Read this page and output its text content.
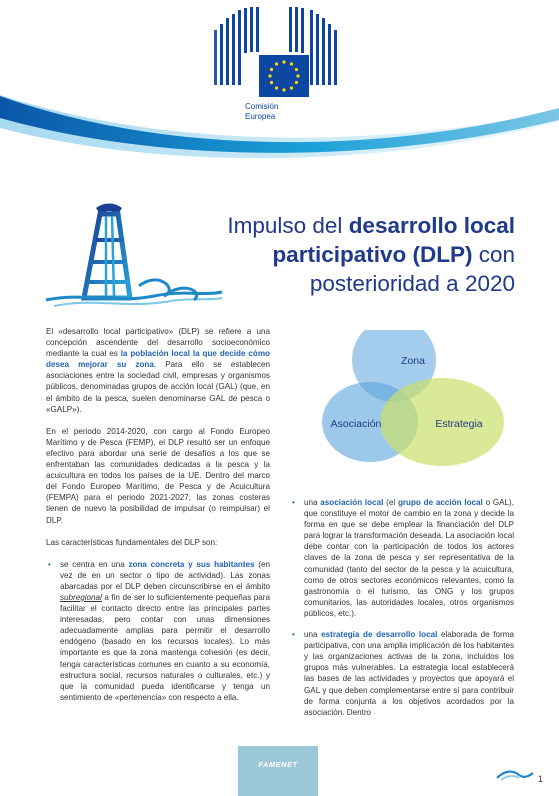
Comisión
Europea
Impulso del desarrollo local
participativo (DLP) con
posterioridad a 2020

El «desarrollo local participativo» (DLP) se refiere a una concepción ascendente del desarrollo socioeconómico mediante la cual es la población local la que decide cómo desea mejorar su zona. Para ello se establecen asociaciones entre la sociedad civil, empresas y organismos públicos, denominadas grupos de acción local (GAL) (que, en el ámbito de la pesca, suelen denominarse GAL de pesca o «GALP»).

En el periodo 2014-2020, con cargo al Fondo Europeo Marítimo y de Pesca (FEMP), el DLP resultó ser un enfoque efectivo para abordar una serie de desafíos a los que se enfrentaban las comunidades dedicadas a la pesca y la acuicultura en todos los países de la UE. Dentro del marco del Fondo Europeo Marítimo, de Pesca y de Acuicultura (FEMPA) para el periodo 2021-2027, las zonas costeras tienen de nuevo la posibilidad de impulsar (o reimpulsar) el DLP.

Las características fundamentales del DLP son:

• se centra en una zona concreta y sus habitantes (en vez de en un sector o tipo de actividad). Las zonas abarcadas por el DLP deben circunscribirse en el ámbito subregional a fin de ser lo suficientemente pequeñas para facilitar el contacto directo entre las principales partes interesadas, pero contar con unas dimensiones adecuadamente amplias para permitir el desarrollo endógeno (basado en los recursos locales). Lo más importante es que la zona mantenga cohesión (es decir, tenga características comunes en cuanto a su economía, estructura social, recursos naturales o culturales, etc.) y que la comunidad pueda identificarse y tenga un sentimiento de «pertenencia» con respecto a ella.
Zona
Asociación	Estrategia
• una asociación local (el grupo de acción local o GAL), que constituye el motor de cambio en la zona y decide la forma en que se debe emplear la financiación del DLP para lograr la transformación deseada. La asociación local debe contar con la participación de todos los actores claves de la zona de pesca y ser representativa de la comunidad (tanto del sector de la pesca y la acuicultura, como de otros sectores económicos relevantes, como la gastronomía o el turismo, las ONG y los grupos comunitarios, las autoridades locales, otros organismos públicos, etc.).
• una estrategia de desarrollo local elaborada de forma participativa, con una amplia implicación de los habitantes y las organizaciones activas de la zona, incluidos los grupos más vulnerables. La estrategia local establecerá las bases de las actividades y proyectos que apoyará el GAL y que deben complementarse entre sí para contribuir de forma conjunta a los objetivos acordados por la asociación. Dentro
FAMENET
1
